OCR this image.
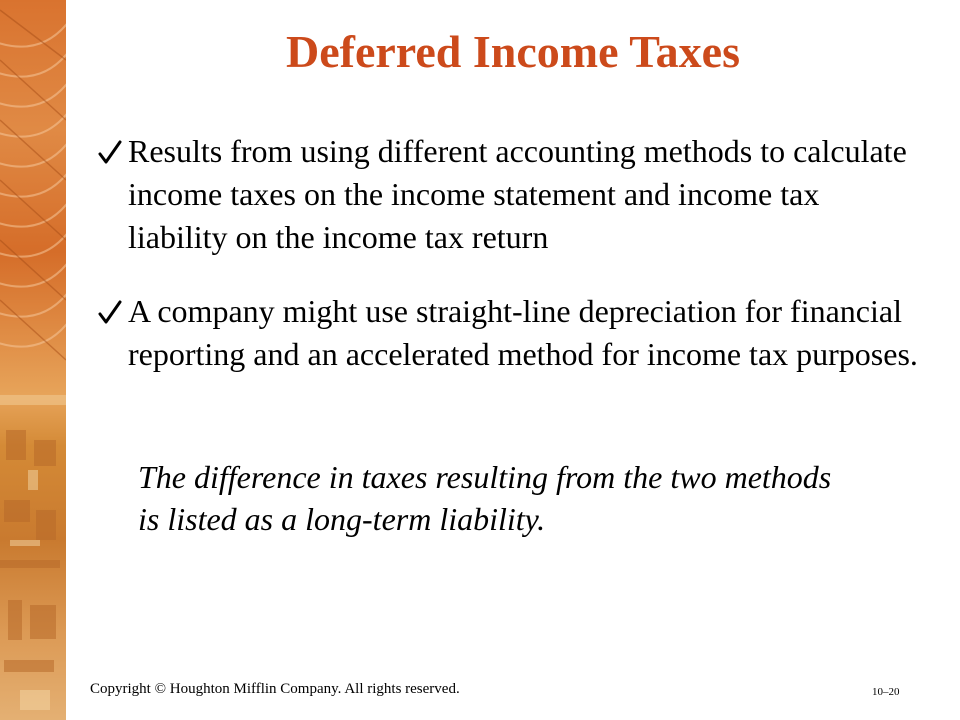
Deferred Income Taxes
Results from using different accounting methods to calculate income taxes on the income statement and income tax liability on the income tax return
A company might use straight-line depreciation for financial reporting and an accelerated method for income tax purposes.
The difference in taxes resulting from the two methods is listed as a long-term liability.
Copyright © Houghton Mifflin Company. All rights reserved.	10–20
